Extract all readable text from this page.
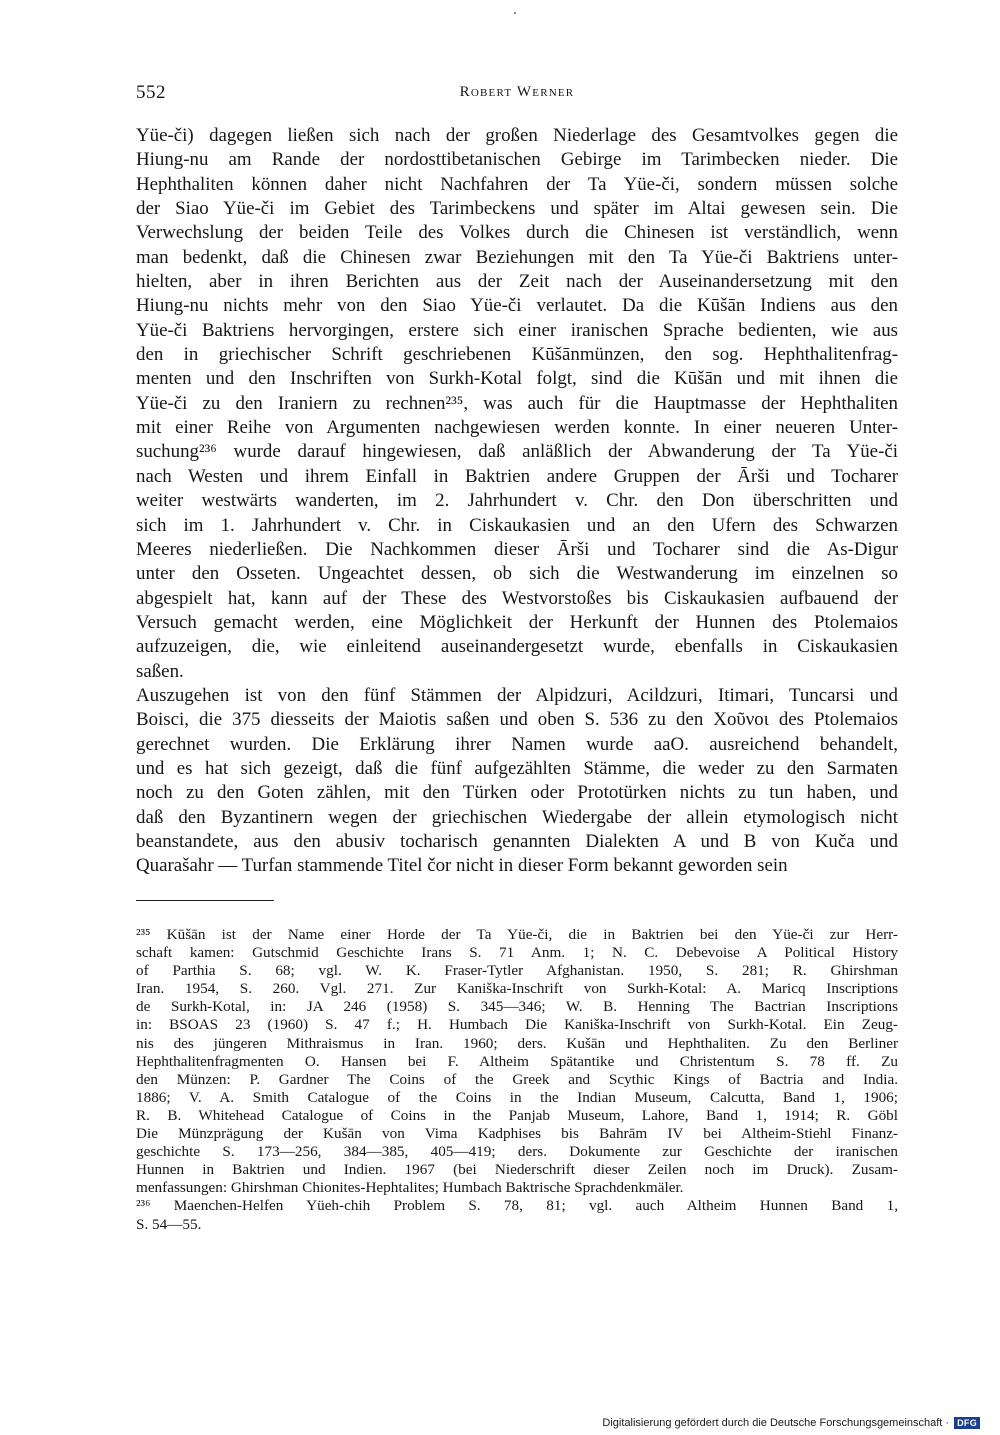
552	Robert Werner
Yüe-či) dagegen ließen sich nach der großen Niederlage des Gesamtvolkes gegen die
Hiung-nu am Rande der nordosttibetanischen Gebirge im Tarimbecken nieder. Die
Hephthaliten können daher nicht Nachfahren der Ta Yüe-či, sondern müssen solche
der Siao Yüe-či im Gebiet des Tarimbeckens und später im Altai gewesen sein. Die
Verwechslung der beiden Teile des Volkes durch die Chinesen ist verständlich, wenn
man bedenkt, daß die Chinesen zwar Beziehungen mit den Ta Yüe-či Baktriens unter-
hielten, aber in ihren Berichten aus der Zeit nach der Auseinandersetzung mit den
Hiung-nu nichts mehr von den Siao Yüe-či verlautet. Da die Kūšān Indiens aus den
Yüe-či Baktriens hervorgingen, erstere sich einer iranischen Sprache bedienten, wie aus
den in griechischer Schrift geschriebenen Kūšānmünzen, den sog. Hephthalitenfrag-
menten und den Inschriften von Surkh-Kotal folgt, sind die Kūšān und mit ihnen die
Yüe-či zu den Iraniern zu rechnen²³⁵, was auch für die Hauptmasse der Hephthaliten
mit einer Reihe von Argumenten nachgewiesen werden konnte. In einer neueren Unter-
suchung²³⁶ wurde darauf hingewiesen, daß anläßlich der Abwanderung der Ta Yüe-či
nach Westen und ihrem Einfall in Baktrien andere Gruppen der Ārši und Tocharer
weiter westwärts wanderten, im 2. Jahrhundert v. Chr. den Don überschritten und
sich im 1. Jahrhundert v. Chr. in Ciskaukasien und an den Ufern des Schwarzen
Meeres niederließen. Die Nachkommen dieser Ārši und Tocharer sind die As-Digur
unter den Osseten. Ungeachtet dessen, ob sich die Westwanderung im einzelnen so
abgespielt hat, kann auf der These des Westvorstoßes bis Ciskaukasien aufbauend der
Versuch gemacht werden, eine Möglichkeit der Herkunft der Hunnen des Ptolemaios
aufzuzeigen, die, wie einleitend auseinandergesetzt wurde, ebenfalls in Ciskaukasien
saßen.
Auszugehen ist von den fünf Stämmen der Alpidzuri, Acildzuri, Itimari, Tuncarsi und
Boisci, die 375 diesseits der Maiotis saßen und oben S. 536 zu den Χοῦνοι des Ptolemaios
gerechnet wurden. Die Erklärung ihrer Namen wurde aaO. ausreichend behandelt,
und es hat sich gezeigt, daß die fünf aufgezählten Stämme, die weder zu den Sarmaten
noch zu den Goten zählen, mit den Türken oder Prototürken nichts zu tun haben, und
daß den Byzantinern wegen der griechischen Wiedergabe der allein etymologisch nicht
beanstandete, aus den abusiv tocharisch genannten Dialekten A und B von Kuča und
Quarašahr — Turfan stammende Titel čor nicht in dieser Form bekannt geworden sein
²³⁵ Kūšān ist der Name einer Horde der Ta Yüe-či, die in Baktrien bei den Yüe-či zur Herr-
schaft kamen: Gutschmid Geschichte Irans S. 71 Anm. 1; N. C. Debevoise A Political History
of Parthia S. 68; vgl. W. K. Fraser-Tytler Afghanistan. 1950, S. 281; R. Ghirshman
Iran. 1954, S. 260. Vgl. 271. Zur Kaniška-Inschrift von Surkh-Kotal: A. Maricq Inscriptions
de Surkh-Kotal, in: JA 246 (1958) S. 345—346; W. B. Henning The Bactrian Inscriptions
in: BSOAS 23 (1960) S. 47 f.; H. Humbach Die Kaniška-Inschrift von Surkh-Kotal. Ein Zeug-
nis des jüngeren Mithraismus in Iran. 1960; ders. Kušān und Hephthaliten. Zu den Berliner
Hephthalitenfragmenten O. Hansen bei F. Altheim Spätantike und Christentum S. 78 ff. Zu
den Münzen: P. Gardner The Coins of the Greek and Scythic Kings of Bactria and India.
1886; V. A. Smith Catalogue of the Coins in the Indian Museum, Calcutta, Band 1, 1906;
R. B. Whitehead Catalogue of Coins in the Panjab Museum, Lahore, Band 1, 1914; R. Göbl
Die Münzprägung der Kušān von Vima Kadphises bis Bahrām IV bei Altheim-Stiehl Finanz-
geschichte S. 173—256, 384—385, 405—419; ders. Dokumente zur Geschichte der iranischen
Hunnen in Baktrien und Indien. 1967 (bei Niederschrift dieser Zeilen noch im Druck). Zusam-
menfassungen: Ghirshman Chionites-Hephtalites; Humbach Baktrische Sprachdenkmäler.
²³⁶ Maenchen-Helfen Yüeh-chih Problem S. 78, 81; vgl. auch Altheim Hunnen Band 1,
S. 54—55.
Digitalisierung gefördert durch die Deutsche Forschungsgemeinschaft · DFG
